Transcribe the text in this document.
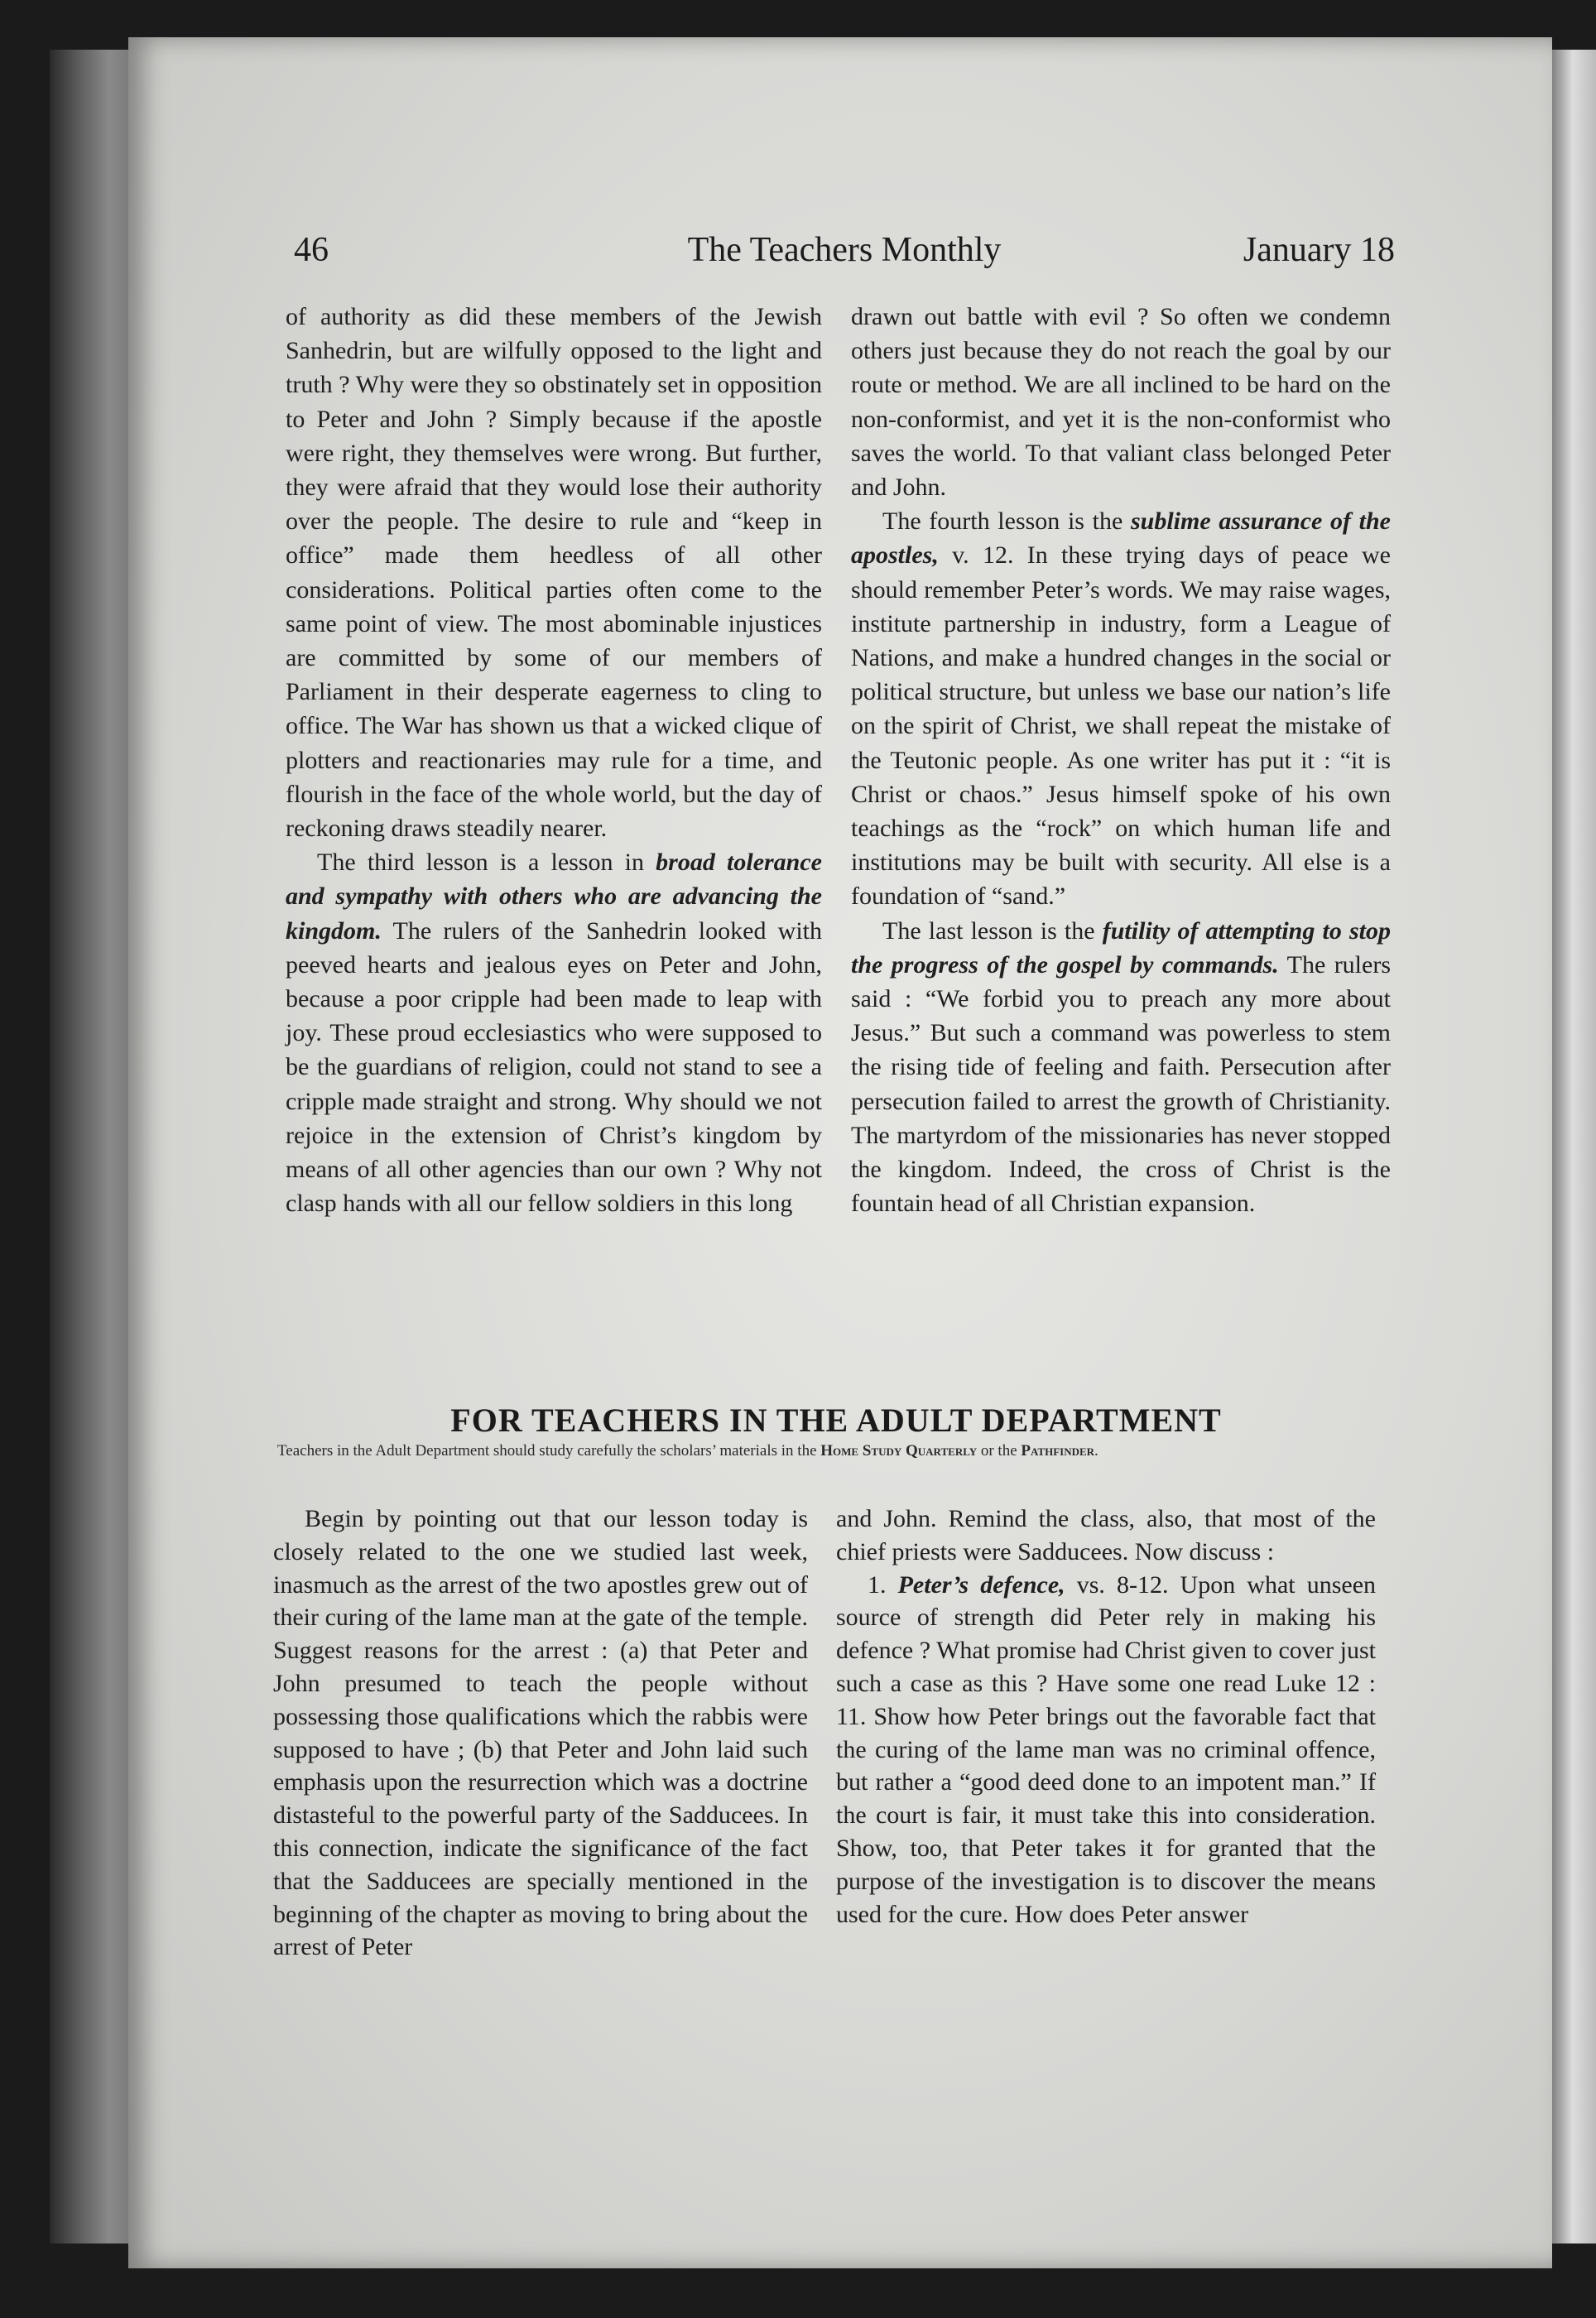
46	The Teachers Monthly	January 18

of authority as did these members of the Jewish Sanhedrin, but are wilfully opposed to the light and truth ? Why were they so obstinately set in opposition to Peter and John ? Simply because if the apostle were right, they themselves were wrong. But further, they were afraid that they would lose their authority over the people. The desire to rule and “keep in office” made them heedless of all other considerations. Political parties often come to the same point of view. The most abominable injustices are committed by some of our members of Parliament in their desperate eagerness to cling to office. The War has shown us that a wicked clique of plotters and reactionaries may rule for a time, and flourish in the face of the whole world, but the day of reckoning draws steadily nearer.

The third lesson is a lesson in broad tolerance and sympathy with others who are advancing the kingdom. The rulers of the Sanhedrin looked with peeved hearts and jealous eyes on Peter and John, because a poor cripple had been made to leap with joy. These proud ecclesiastics who were supposed to be the guardians of religion, could not stand to see a cripple made straight and strong. Why should we not rejoice in the extension of Christ’s kingdom by means of all other agencies than our own ? Why not clasp hands with all our fellow soldiers in this long

drawn out battle with evil ? So often we condemn others just because they do not reach the goal by our route or method. We are all inclined to be hard on the non-conformist, and yet it is the non-conformist who saves the world. To that valiant class belonged Peter and John.

The fourth lesson is the sublime assurance of the apostles, v. 12. In these trying days of peace we should remember Peter’s words. We may raise wages, institute partnership in industry, form a League of Nations, and make a hundred changes in the social or political structure, but unless we base our nation’s life on the spirit of Christ, we shall repeat the mistake of the Teutonic people. As one writer has put it : “it is Christ or chaos.” Jesus himself spoke of his own teachings as the “rock” on which human life and institutions may be built with security. All else is a foundation of “sand.”

The last lesson is the futility of attempting to stop the progress of the gospel by commands. The rulers said : “We forbid you to preach any more about Jesus.” But such a command was powerless to stem the rising tide of feeling and faith. Persecution after persecution failed to arrest the growth of Christianity. The martyrdom of the missionaries has never stopped the kingdom. Indeed, the cross of Christ is the fountain head of all Christian expansion.

FOR TEACHERS IN THE ADULT DEPARTMENT
Teachers in the Adult Department should study carefully the scholars’ materials in the Home Study Quarterly or the Pathfinder.

Begin by pointing out that our lesson today is closely related to the one we studied last week, inasmuch as the arrest of the two apostles grew out of their curing of the lame man at the gate of the temple. Suggest reasons for the arrest : (a) that Peter and John presumed to teach the people without possessing those qualifications which the rabbis were supposed to have ; (b) that Peter and John laid such emphasis upon the resurrection which was a doctrine distasteful to the powerful party of the Sadducees. In this connection, indicate the significance of the fact that the Sadducees are specially mentioned in the beginning of the chapter as moving to bring about the arrest of Peter

and John. Remind the class, also, that most of the chief priests were Sadducees. Now discuss :

1. Peter’s defence, vs. 8-12. Upon what unseen source of strength did Peter rely in making his defence ? What promise had Christ given to cover just such a case as this ? Have some one read Luke 12 : 11. Show how Peter brings out the favorable fact that the curing of the lame man was no criminal offence, but rather a “good deed done to an impotent man.” If the court is fair, it must take this into consideration. Show, too, that Peter takes it for granted that the purpose of the investigation is to discover the means used for the cure. How does Peter answer
